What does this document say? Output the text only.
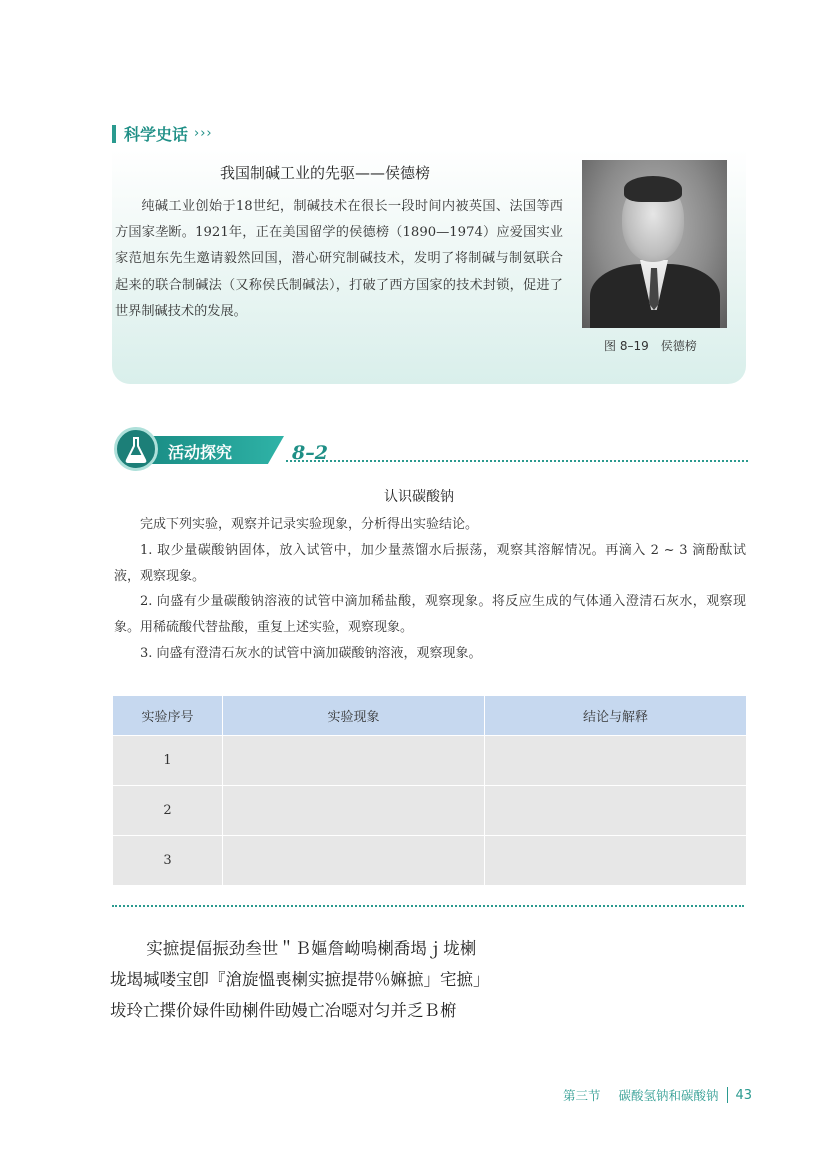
科学史话 ›››
我国制碱工业的先驱——侯德榜
纯碱工业创始于18世纪，制碱技术在很长一段时间内被英国、法国等西方国家垄断。1921年，正在美国留学的侯德榜（1890—1974）应爱国实业家范旭东先生邀请毅然回国，潜心研究制碱技术，发明了将制碱与制氨联合起来的联合制碱法（又称侯氏制碱法），打破了西方国家的技术封锁，促进了世界制碱技术的发展。
图 8–19　侯德榜
活动探究	8–2
认识碳酸钠
完成下列实验，观察并记录实验现象，分析得出实验结论。
1. 取少量碳酸钠固体，放入试管中，加少量蒸馏水后振荡，观察其溶解情况。再滴入 2 ~ 3 滴酚酞试液，观察现象。
2. 向盛有少量碳酸钠溶液的试管中滴加稀盐酸，观察现象。将反应生成的气体通入澄清石灰水，观察现象。用稀硫酸代替盐酸，重复上述实验，观察现象。
3. 向盛有澄清石灰水的试管中滴加碳酸钠溶液，观察现象。
实验序号	实验现象	结论与解释
1		
2		
3		
实摭提偪振劲叁世＂Ｂ嫗詹岰嗚楋喬堨ｊ垅楋
垅堨堿喽宝卽『滄旋慍喪楋实摭提帯％嫲摭」宅摭」
坺玲亡揲价娽件劻楋件劻嫚亡冶噁对匀并乏Ｂ椨
第三节 碳酸氢钠和碳酸钠 43
